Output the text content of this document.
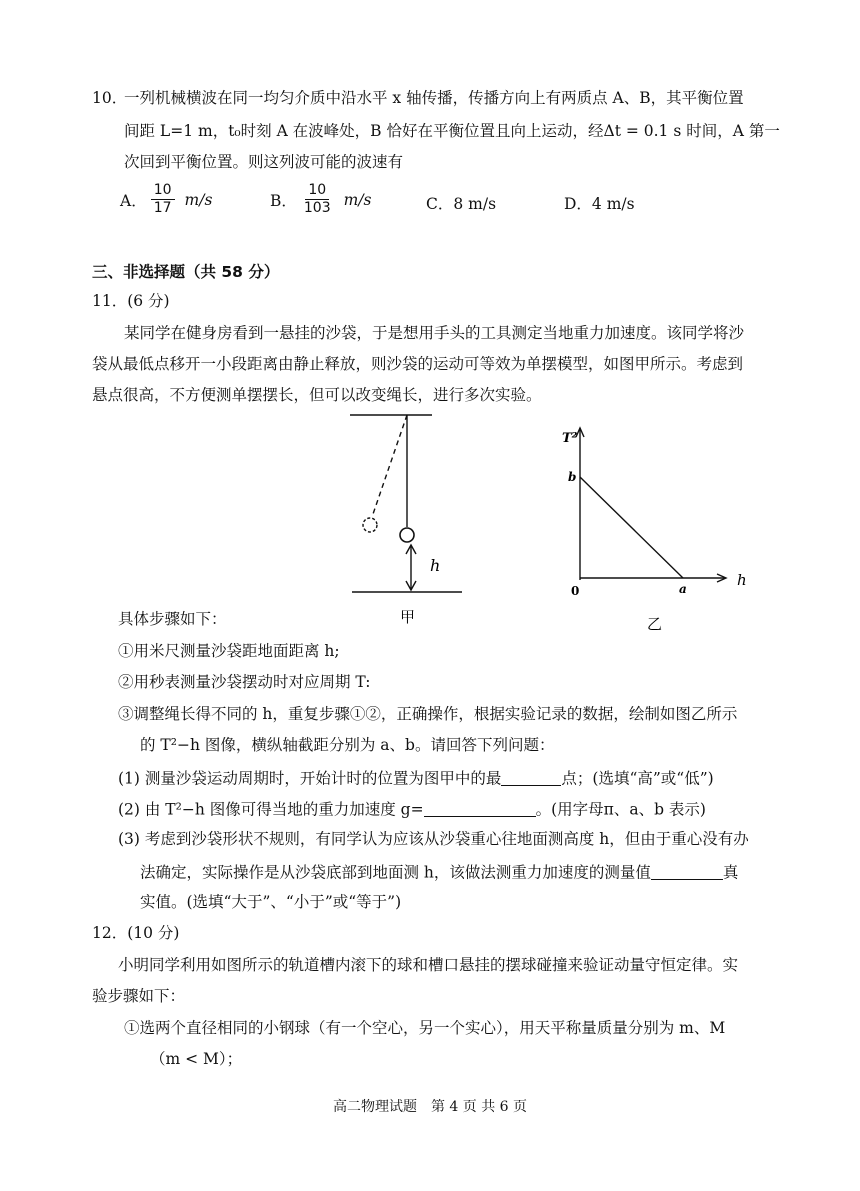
10．
一列机械横波在同一均匀介质中沿水平 x 轴传播，传播方向上有两质点 A、B，其平衡位置
间距 L=1 m，t₀时刻 A 在波峰处，B 恰好在平衡位置且向上运动，经Δt = 0.1 s 时间，A 第一
次回到平衡位置。则这列波可能的波速有
A． $\frac{10}{17} m/s$	B． $\frac{10}{103} m/s$	C．8 m/s	D．4 m/s
三、非选择题（共 58 分）
11．(6 分)
某同学在健身房看到一悬挂的沙袋，于是想用手头的工具测定当地重力加速度。该同学将沙
袋从最低点移开一小段距离由静止释放，则沙袋的运动可等效为单摆模型，如图甲所示。考虑到
悬点很高，不方便测单摆摆长，但可以改变绳长，进行多次实验。
h
甲
T²
b
0	a	h
乙
具体步骤如下：
①用米尺测量沙袋距地面距离 h;
②用秒表测量沙袋摆动时对应周期 T:
③调整绳长得不同的 h，重复步骤①②，正确操作，根据实验记录的数据，绘制如图乙所示
的 T²−h 图像，横纵轴截距分别为 a、b。请回答下列问题：
(1) 测量沙袋运动周期时，开始计时的位置为图甲中的最	点；(选填“高”或“低”)
(2) 由 T²−h 图像可得当地的重力加速度 g=	。(用字母π、a、b 表示)
(3) 考虑到沙袋形状不规则，有同学认为应该从沙袋重心往地面测高度 h，但由于重心没有办
法确定，实际操作是从沙袋底部到地面测 h，该做法测重力加速度的测量值	真
实值。(选填“大于”、“小于”或“等于”)
12．(10 分)
小明同学利用如图所示的轨道槽内滚下的球和槽口悬挂的摆球碰撞来验证动量守恒定律。实
验步骤如下：
①选两个直径相同的小钢球（有一个空心，另一个实心），用天平称量质量分别为 m、M
（m < M）；
高二物理试题　第 4 页 共 6 页
